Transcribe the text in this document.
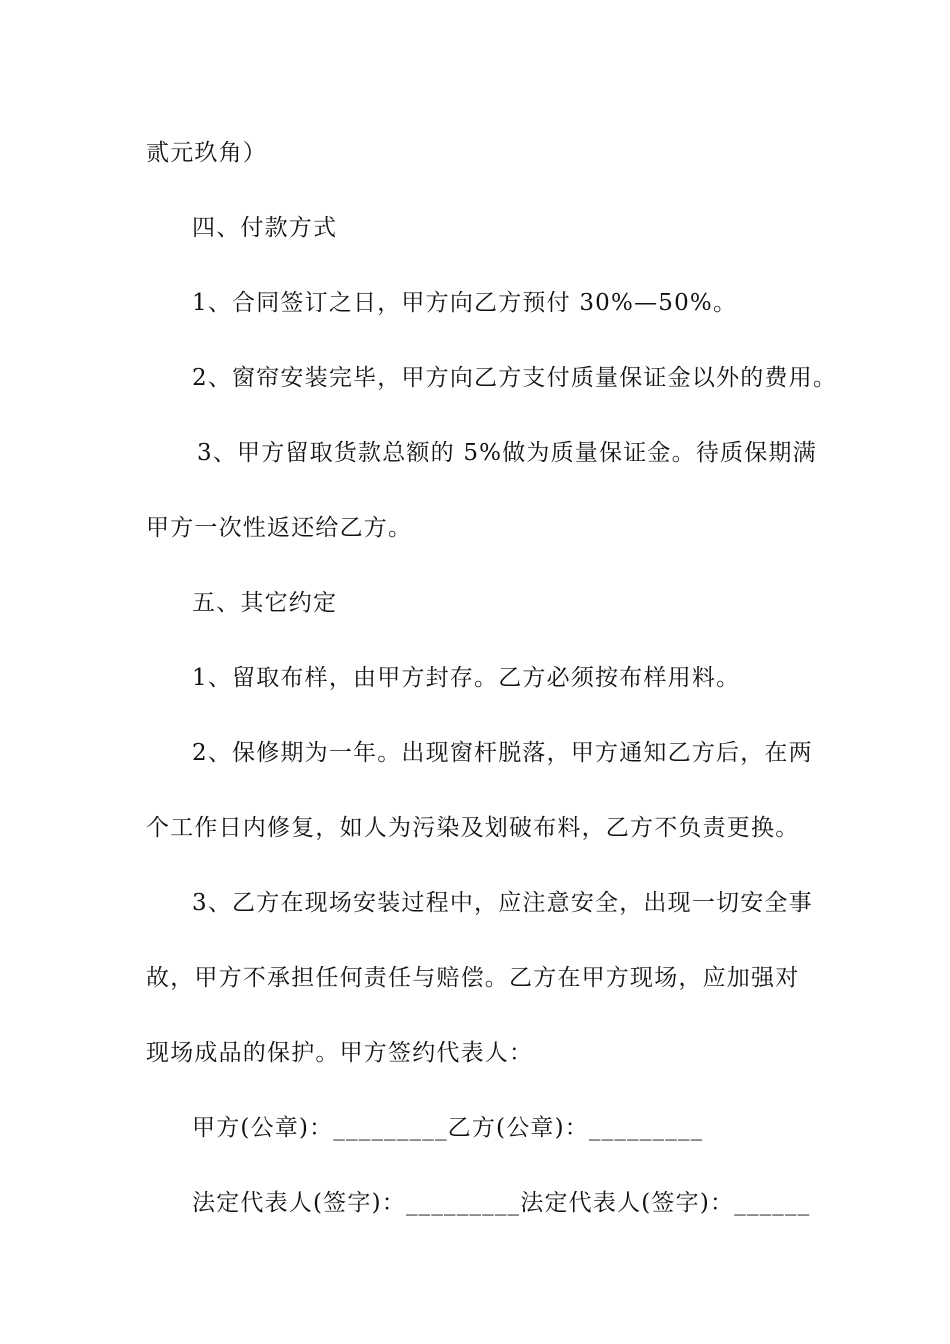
贰元玖角）
四、付款方式
1、合同签订之日，甲方向乙方预付 30%—50%。
2、窗帘安装完毕，甲方向乙方支付质量保证金以外的费用。
3、甲方留取货款总额的 5%做为质量保证金。待质保期满
甲方一次性返还给乙方。
五、其它约定
1、留取布样，由甲方封存。乙方必须按布样用料。
2、保修期为一年。出现窗杆脱落，甲方通知乙方后，在两
个工作日内修复，如人为污染及划破布料，乙方不负责更换。
3、乙方在现场安装过程中，应注意安全，出现一切安全事
故，甲方不承担任何责任与赔偿。乙方在甲方现场，应加强对
现场成品的保护。甲方签约代表人：
甲方(公章)：_________乙方(公章)：_________
法定代表人(签字)：_________法定代表人(签字)：______
